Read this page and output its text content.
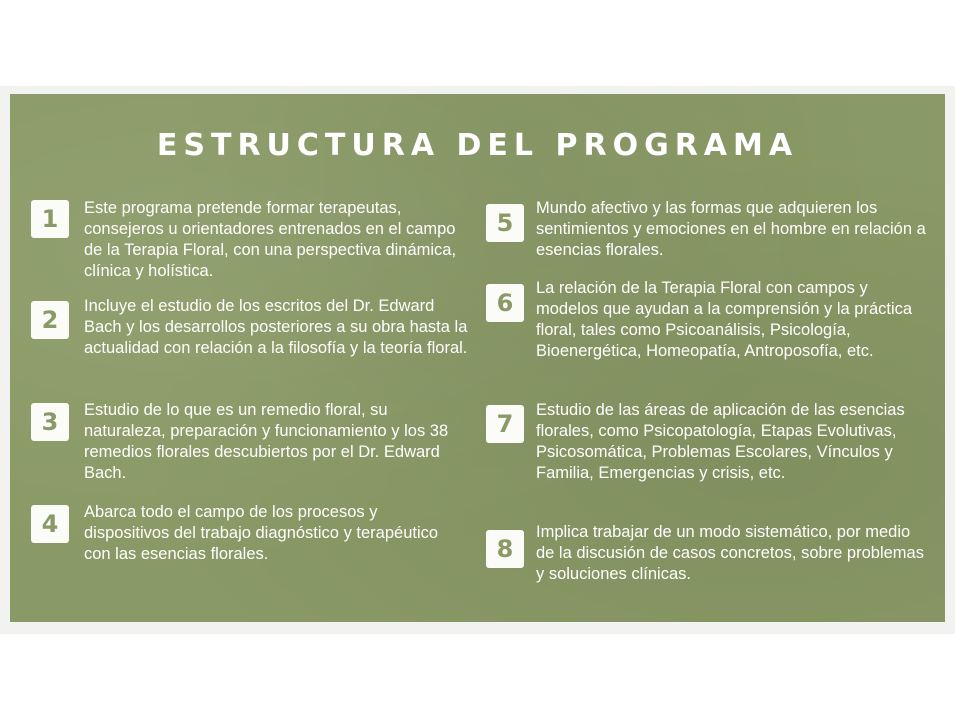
ESTRUCTURA DEL PROGRAMA
1	Este programa pretende formar terapeutas, consejeros u orientadores entrenados en el campo de la Terapia Floral, con una perspectiva dinámica, clínica y holística.
2	Incluye el estudio de los escritos del Dr. Edward Bach y los desarrollos posteriores a su obra hasta la actualidad con relación a la filosofía y la teoría floral.
3	Estudio de lo que es un remedio floral, su naturaleza, preparación y funcionamiento y los 38 remedios florales descubiertos por el Dr. Edward Bach.
4	Abarca todo el campo de los procesos y dispositivos del trabajo diagnóstico y terapéutico con las esencias florales.
5
Mundo afectivo y las formas que adquieren los sentimientos y emociones en el hombre en relación a esencias florales.
6
La relación de la Terapia Floral con campos y modelos que ayudan a la comprensión y la práctica floral, tales como Psicoanálisis, Psicología, Bioenergética, Homeopatía, Antroposofía, etc.
7	Estudio de las áreas de aplicación de las esencias florales, como Psicopatología, Etapas Evolutivas, Psicosomática, Problemas Escolares, Vínculos y Familia, Emergencias y crisis, etc.
8
Implica trabajar de un modo sistemático, por medio de la discusión de casos concretos, sobre problemas y soluciones clínicas.
